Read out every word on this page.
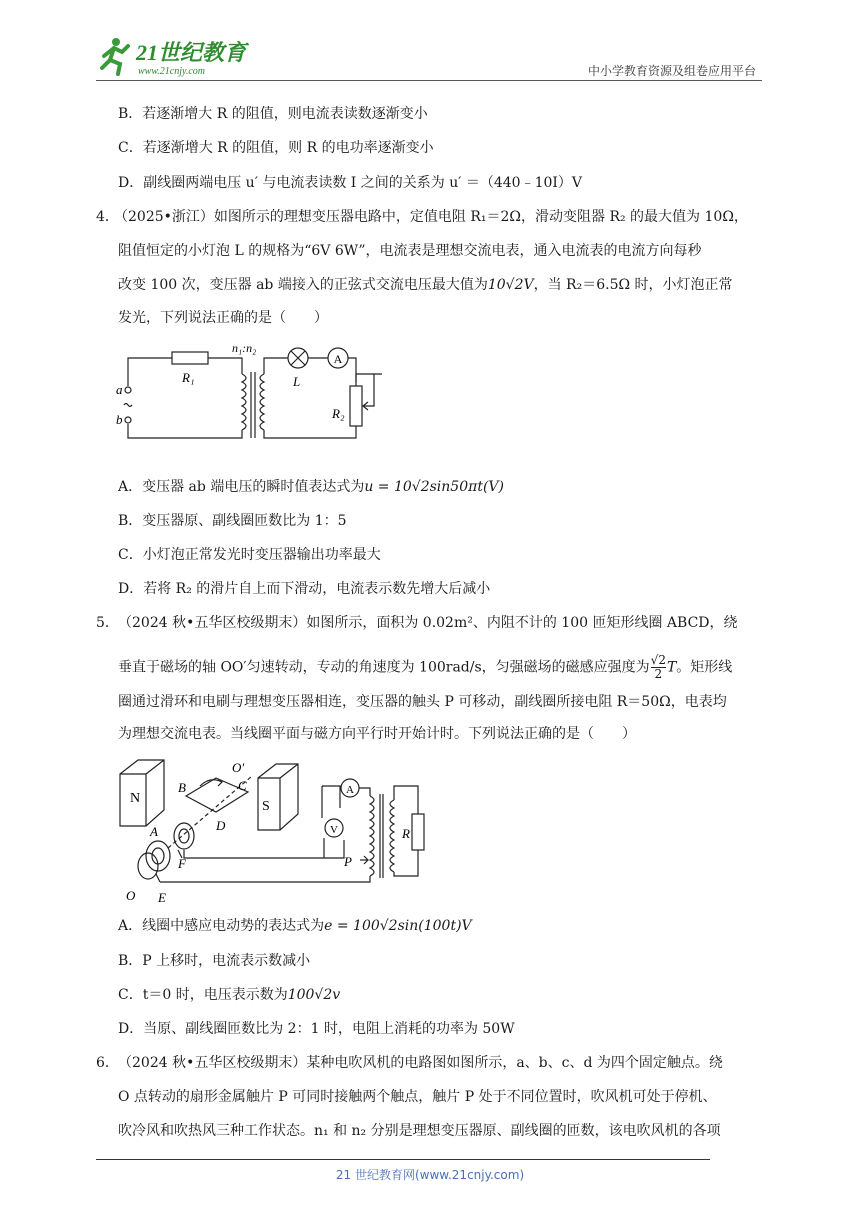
21世纪教育
www.21cnjy.com	中小学教育资源及组卷应用平台
B．若逐渐增大 R 的阻值，则电流表读数逐渐变小
C．若逐渐增大 R 的阻值，则 R 的电功率逐渐变小
D．副线圈两端电压 u′ 与电流表读数 I 之间的关系为 u′ ＝（440﹣10I）V
4．
（2025•浙江）如图所示的理想变压器电路中，定值电阻 R₁＝2Ω，滑动变阻器 R₂ 的最大值为 10Ω，
阻值恒定的小灯泡 L 的规格为“6V 6W”，电流表是理想交流电表，通入电流表的电流方向每秒
改变 100 次，变压器 ab 端接入的正弦式交流电压最大值为10√2V，当 R₂＝6.5Ω 时，小灯泡正常
发光，下列说法正确的是（　　）
A
R₁
n₁:n₂
L
R₂
a
b
A．变压器 ab 端电压的瞬时值表达式为u = 10√2sin50πt(V)
B．变压器原、副线圈匝数比为 1：5
C．小灯泡正常发光时变压器输出功率最大
D．若将 R₂ 的滑片自上而下滑动，电流表示数先增大后减小
5． （2024 秋•五华区校级期末）如图所示，面积为 0.02m²、内阻不计的 100 匝矩形线圈 ABCD，绕
垂直于磁场的轴 OO′匀速转动，专动的角速度为 100rad/s，匀强磁场的磁感应强度为 $\frac{√2}{2}$ T。矩形线
圈通过滑环和电刷与理想变压器相连，变压器的触头 P 可移动，副线圈所接电阻 R＝50Ω，电表均
为理想交流电表。当线圈平面与磁方向平行时开始计时。下列说法正确的是（　　）
N
S
B	C
D
A
F
E
O
O′
P
R
A
V
A．线圈中感应电动势的表达式为e = 100√2sin(100t)V
B．P 上移时，电流表示数减小
C．t＝0 时，电压表示数为100√2v
D．当原、副线圈匝数比为 2：1 时，电阻上消耗的功率为 50W
6． （2024 秋•五华区校级期末）某种电吹风机的电路图如图所示，a、b、c、d 为四个固定触点。绕
O 点转动的扇形金属触片 P 可同时接触两个触点，触片 P 处于不同位置时，吹风机可处于停机、
吹冷风和吹热风三种工作状态。n₁ 和 n₂ 分别是理想变压器原、副线圈的匝数，该电吹风机的各项
21 世纪教育网(www.21cnjy.com)
